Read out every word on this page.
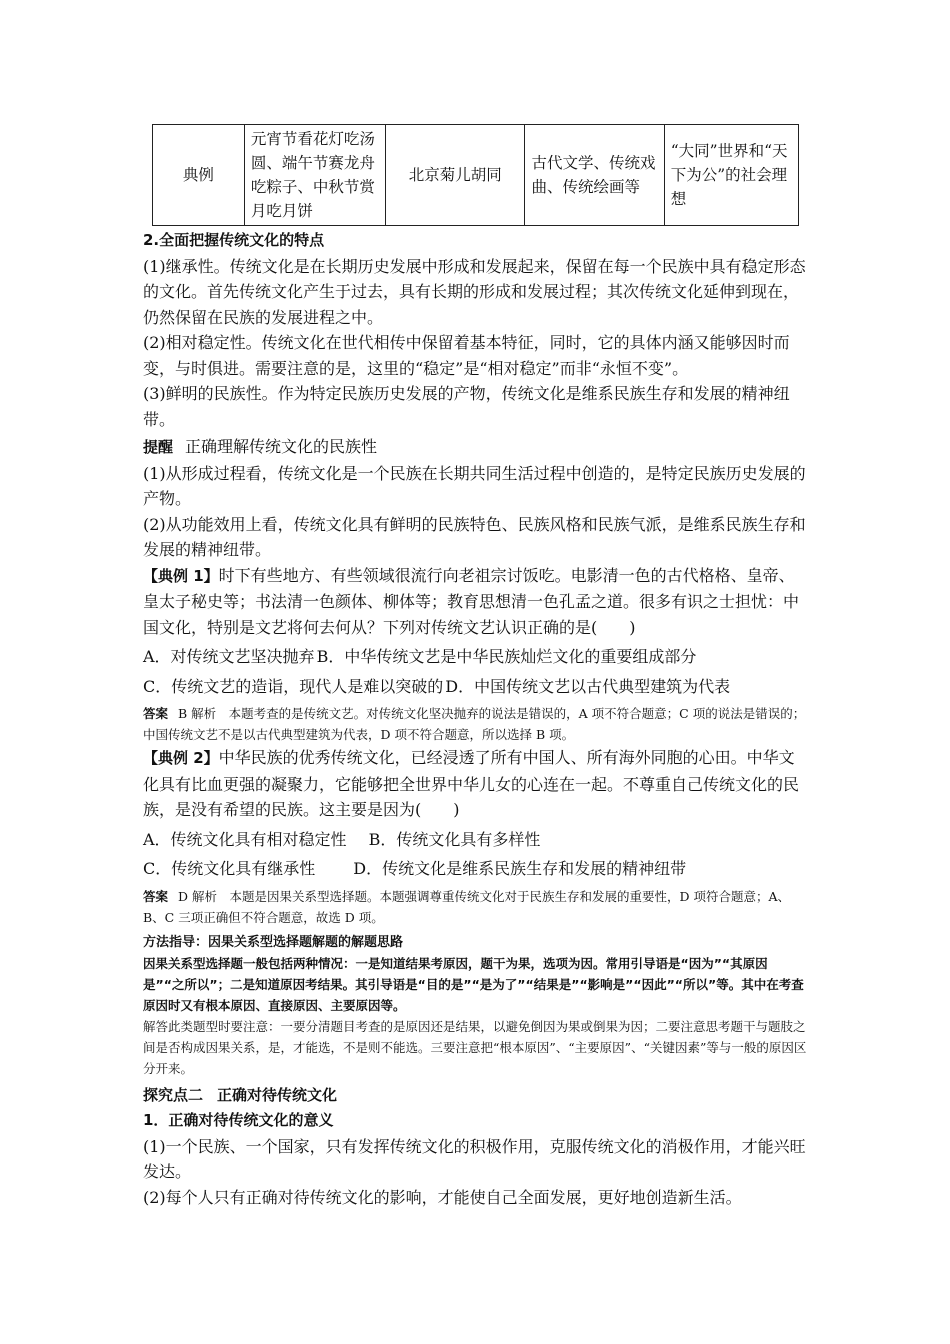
典例	元宵节看花灯吃汤圆、端午节赛龙舟吃粽子、中秋节赏月吃月饼	北京菊儿胡同	古代文学、传统戏曲、传统绘画等	“大同”世界和“天下为公”的社会理想

2.全面把握传统文化的特点

(1)继承性。传统文化是在长期历史发展中形成和发展起来，保留在每一个民族中具有稳定形态的文化。首先传统文化产生于过去，具有长期的形成和发展过程；其次传统文化延伸到现在，仍然保留在民族的发展进程之中。

(2)相对稳定性。传统文化在世代相传中保留着基本特征，同时，它的具体内涵又能够因时而变，与时俱进。需要注意的是，这里的“稳定”是“相对稳定”而非“永恒不变”。

(3)鲜明的民族性。作为特定民族历史发展的产物，传统文化是维系民族生存和发展的精神纽带。

提醒 正确理解传统文化的民族性

(1)从形成过程看，传统文化是一个民族在长期共同生活过程中创造的，是特定民族历史发展的产物。

(2)从功能效用上看，传统文化具有鲜明的民族特色、民族风格和民族气派，是维系民族生存和发展的精神纽带。

【典例 1】时下有些地方、有些领域很流行向老祖宗讨饭吃。电影清一色的古代格格、皇帝、皇太子秘史等；书法清一色颜体、柳体等；教育思想清一色孔孟之道。很多有识之士担忧：中国文化，特别是文艺将何去何从？下列对传统文艺认识正确的是(　　)

A．对传统文艺坚决抛弃 B．中华传统文艺是中华民族灿烂文化的重要组成部分

C．传统文艺的造诣，现代人是难以突破的 D．中国传统文艺以古代典型建筑为代表

答案 B 解析　本题考查的是传统文艺。对传统文化坚决抛弃的说法是错误的，A 项不符合题意；C 项的说法是错误的；中国传统文艺不是以古代典型建筑为代表，D 项不符合题意，所以选择 B 项。

【典例 2】中华民族的优秀传统文化，已经浸透了所有中国人、所有海外同胞的心田。中华文化具有比血更强的凝聚力，它能够把全世界中华儿女的心连在一起。不尊重自己传统文化的民族，是没有希望的民族。这主要是因为(　　)

A．传统文化具有相对稳定性 B．传统文化具有多样性

C．传统文化具有继承性 D．传统文化是维系民族生存和发展的精神纽带

答案 D 解析　本题是因果关系型选择题。本题强调尊重传统文化对于民族生存和发展的重要性，D 项符合题意；A、B、C 三项正确但不符合题意，故选 D 项。

方法指导：因果关系型选择题解题的解题思路

因果关系型选择题一般包括两种情况：一是知道结果考原因，题干为果，选项为因。常用引导语是“因为”“其原因是”“之所以”；二是知道原因考结果。其引导语是“目的是”“是为了”“结果是”“影响是”“因此”“所以”等。其中在考查原因时又有根本原因、直接原因、主要原因等。

解答此类题型时要注意：一要分清题目考查的是原因还是结果，以避免倒因为果或倒果为因；二要注意思考题干与题肢之间是否构成因果关系，是，才能选，不是则不能选。三要注意把“根本原因”、“主要原因”、“关键因素”等与一般的原因区分开来。

探究点二 正确对待传统文化

1．正确对待传统文化的意义

(1)一个民族、一个国家，只有发挥传统文化的积极作用，克服传统文化的消极作用，才能兴旺发达。

(2)每个人只有正确对待传统文化的影响，才能使自己全面发展，更好地创造新生活。
